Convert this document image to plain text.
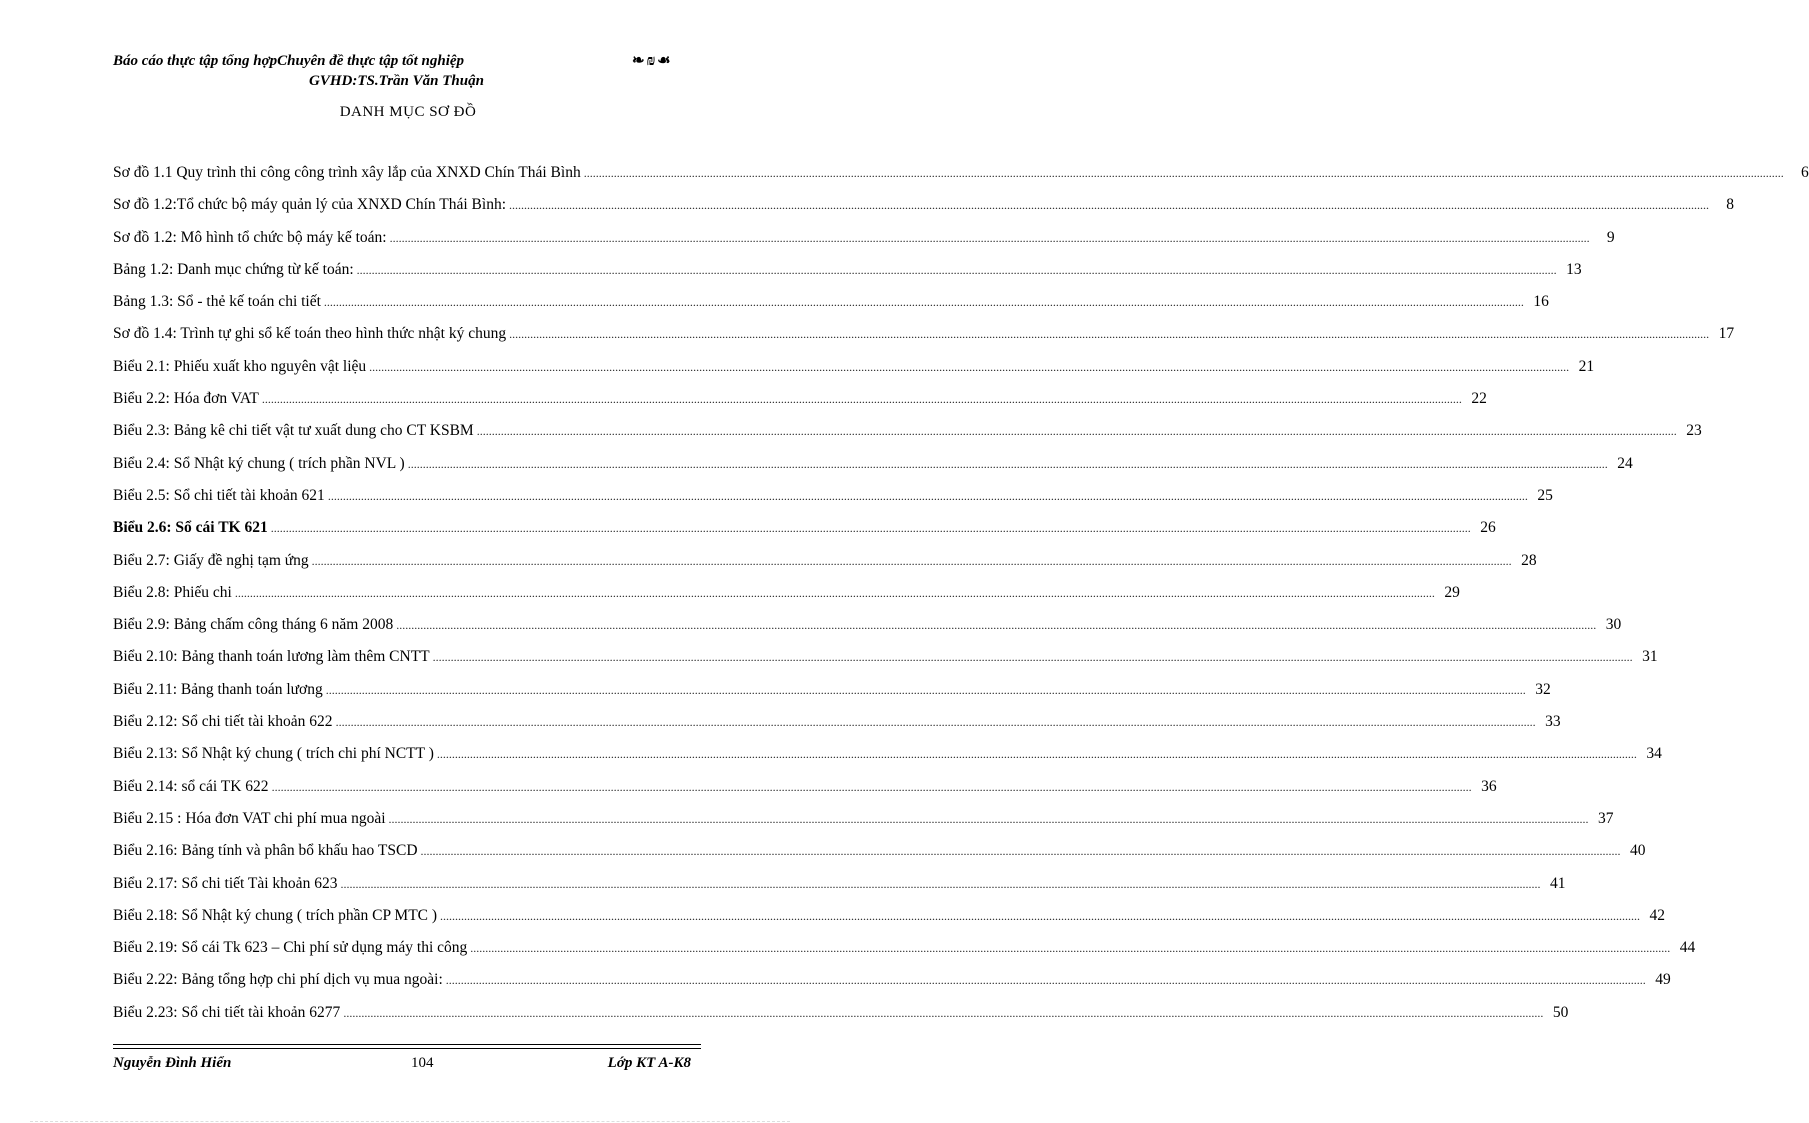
Báo cáo thực tập tổng hợpChuyên đề thực tập tốt nghiệp
GVHD:TS.Trần Văn Thuận
❧ ₪ ☙
DANH MỤC SƠ ĐỒ
Sơ đồ 1.1 Quy trình thi công công trình xây lắp của XNXD Chín Thái Bình ................................................................................................................................................................................................................................................................................................................................................................................................................	6
Sơ đồ 1.2:Tổ chức bộ máy quản lý của XNXD Chín Thái Bình: ................................................................................................................................................................................................................................................................................................................................................................................................................	8
Sơ đồ 1.2: Mô hình tổ chức bộ máy kế toán: ................................................................................................................................................................................................................................................................................................................................................................................................................	9
Bảng 1.2: Danh mục chứng từ kế toán: ................................................................................................................................................................................................................................................................................................................................................................................................................ 13
Bảng 1.3: Sổ - thẻ kế toán chi tiết ................................................................................................................................................................................................................................................................................................................................................................................................................ 16
Sơ đồ 1.4: Trình tự ghi sổ kế toán theo hình thức nhật ký chung ................................................................................................................................................................................................................................................................................................................................................................................................................ 17
Biểu 2.1: Phiếu xuất kho nguyên vật liệu ................................................................................................................................................................................................................................................................................................................................................................................................................ 21
Biểu 2.2: Hóa đơn VAT ................................................................................................................................................................................................................................................................................................................................................................................................................ 22
Biểu 2.3: Bảng kê chi tiết vật tư xuất dung cho CT KSBM ................................................................................................................................................................................................................................................................................................................................................................................................................ 23
Biểu 2.4: Sổ Nhật ký chung ( trích phần NVL ) ................................................................................................................................................................................................................................................................................................................................................................................................................ 24
Biểu 2.5: Sổ chi tiết tài khoản 621 ................................................................................................................................................................................................................................................................................................................................................................................................................ 25
Biểu 2.6: Sổ cái TK 621 ................................................................................................................................................................................................................................................................................................................................................................................................................ 26
Biểu 2.7: Giấy đề nghị tạm ứng ................................................................................................................................................................................................................................................................................................................................................................................................................ 28
Biểu 2.8: Phiếu chi ................................................................................................................................................................................................................................................................................................................................................................................................................ 29
Biểu 2.9: Bảng chấm công tháng 6 năm 2008 ................................................................................................................................................................................................................................................................................................................................................................................................................ 30
Biểu 2.10: Bảng thanh toán lương làm thêm CNTT ................................................................................................................................................................................................................................................................................................................................................................................................................ 31
Biểu 2.11: Bảng thanh toán lương ................................................................................................................................................................................................................................................................................................................................................................................................................ 32
Biểu 2.12: Sổ chi tiết tài khoản 622 ................................................................................................................................................................................................................................................................................................................................................................................................................ 33
Biểu 2.13: Sổ Nhật ký chung ( trích chi phí NCTT ) ................................................................................................................................................................................................................................................................................................................................................................................................................ 34
Biểu 2.14: sổ cái TK 622 ................................................................................................................................................................................................................................................................................................................................................................................................................ 36
Biểu 2.15 : Hóa đơn VAT chi phí mua ngoài ................................................................................................................................................................................................................................................................................................................................................................................................................ 37
Biểu 2.16: Bảng tính và phân bổ khấu hao TSCD ................................................................................................................................................................................................................................................................................................................................................................................................................ 40
Biểu 2.17: Sổ chi tiết Tài khoản 623 ................................................................................................................................................................................................................................................................................................................................................................................................................ 41
Biểu 2.18: Sổ Nhật ký chung ( trích phần CP MTC ) ................................................................................................................................................................................................................................................................................................................................................................................................................ 42
Biểu 2.19: Sổ cái Tk 623 – Chi phí sử dụng máy thi công ................................................................................................................................................................................................................................................................................................................................................................................................................ 44
Biểu 2.22: Bảng tổng hợp chi phí dịch vụ mua ngoài: ................................................................................................................................................................................................................................................................................................................................................................................................................ 49
Biểu 2.23: Sổ chi tiết tài khoản 6277 ................................................................................................................................................................................................................................................................................................................................................................................................................ 50
Nguyễn Đình Hiển	104	Lớp KT A-K8
